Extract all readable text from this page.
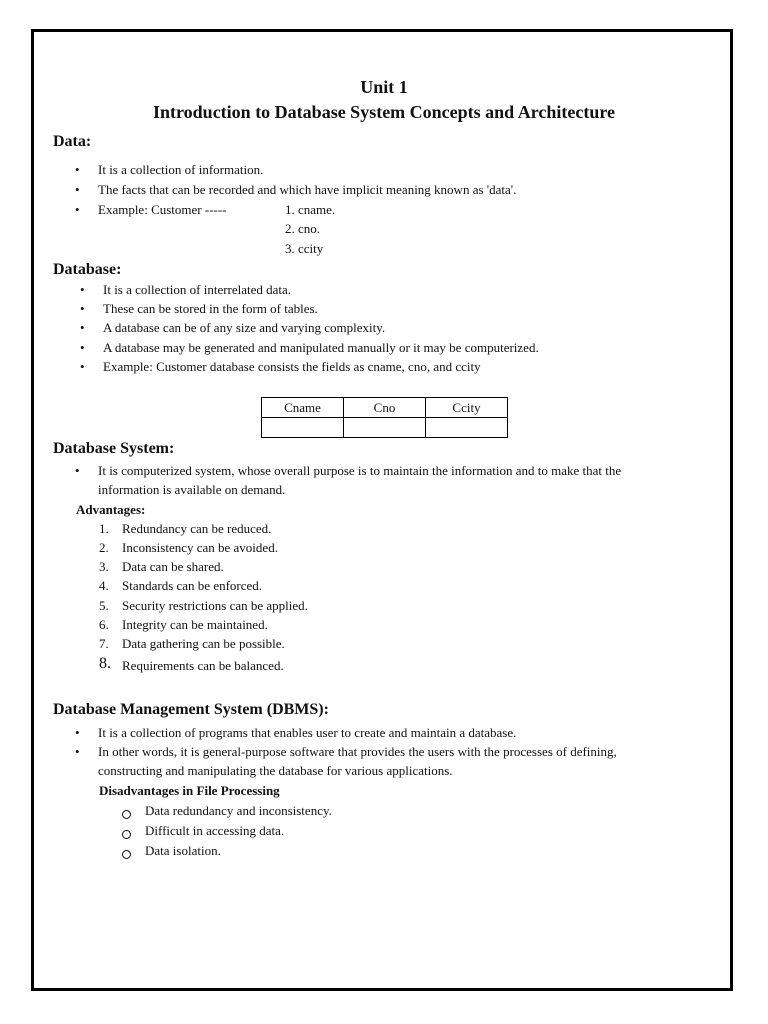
Unit 1
Introduction to Database System Concepts and Architecture
Data:
• It is a collection of information.
• The facts that can be recorded and which have implicit meaning known as 'data'.
• Example: Customer -----	1. cname.
2. cno.
3. ccity
Database:
• It is a collection of interrelated data.
• These can be stored in the form of tables.
• A database can be of any size and varying complexity.
• A database may be generated and manipulated manually or it may be computerized.
• Example: Customer database consists the fields as cname, cno, and ccity
Cname	Cno	Ccity

Database System:
• It is computerized system, whose overall purpose is to maintain the information and to make that the
information is available on demand.
Advantages:
1. Redundancy can be reduced.
2. Inconsistency can be avoided.
3. Data can be shared.
4. Standards can be enforced.
5. Security restrictions can be applied.
6. Integrity can be maintained.
7. Data gathering can be possible.
8. Requirements can be balanced.
Database Management System (DBMS):
• It is a collection of programs that enables user to create and maintain a database.
• In other words, it is general-purpose software that provides the users with the processes of defining,
constructing and manipulating the database for various applications.
Disadvantages in File Processing
Data redundancy and inconsistency.
Difficult in accessing data.
Data isolation.
